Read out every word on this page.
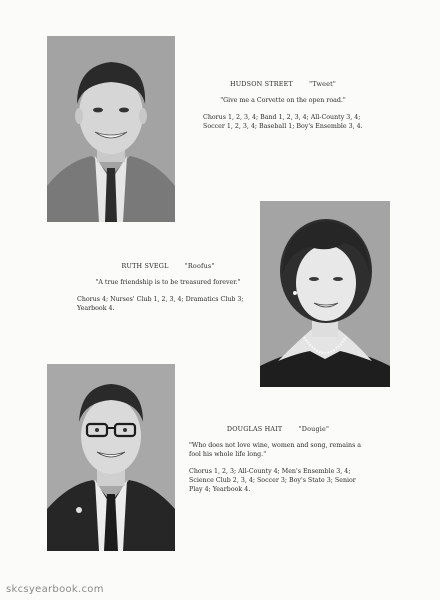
HUDSON STREET	"Tweet"
"Give me a Corvette on the open road."
Chorus 1, 2, 3, 4; Band 1, 2, 3, 4; All-County 3, 4; Soccer 1, 2, 3, 4; Baseball 1; Boy's Ensemble 3, 4.
RUTH SVEGL	"Roofus"
"A true friendship is to be treasured forever."
Chorus 4; Nurses' Club 1, 2, 3, 4; Dramatics Club 3; Yearbook 4.
DOUGLAS HAIT	"Dougie"
"Who does not love wine, women and song, remains a fool his whole life long."
Chorus 1, 2, 3; All-County 4; Men's Ensemble 3, 4; Science Club 2, 3, 4; Soccer 3; Boy's State 3; Senior Play 4; Yearbook 4.
skcsyearbook.com
